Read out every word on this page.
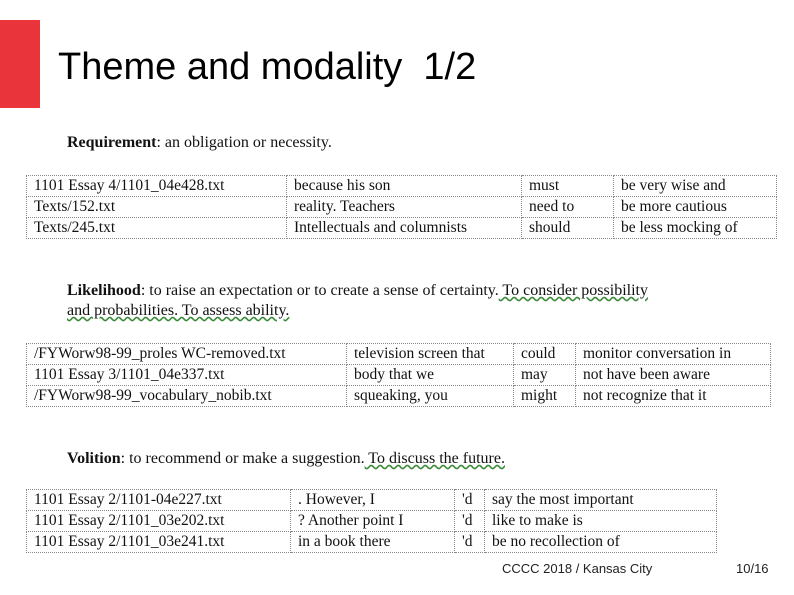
Theme and modality  1/2
Requirement: an obligation or necessity.
1101 Essay 4/1101_04e428.txt	because his son	must	be very wise and
Texts/152.txt	reality. Teachers	need to	be more cautious
Texts/245.txt	Intellectuals and columnists	should	be less mocking of
Likelihood: to raise an expectation or to create a sense of certainty. To consider possibility and probabilities. To assess ability.
/FYWorw98-99_proles WC-removed.txt	television screen that	could	monitor conversation in
1101 Essay 3/1101_04e337.txt	body that we	may	not have been aware
/FYWorw98-99_vocabulary_nobib.txt	squeaking, you	might	not recognize that it
Volition: to recommend or make a suggestion. To discuss the future.
1101 Essay 2/1101-04e227.txt	. However, I	'd	say the most important
1101 Essay 2/1101_03e202.txt	? Another point I	'd	like to make is
1101 Essay 2/1101_03e241.txt	in a book there	'd	be no recollection of
CCCC 2018 / Kansas City	10/16
